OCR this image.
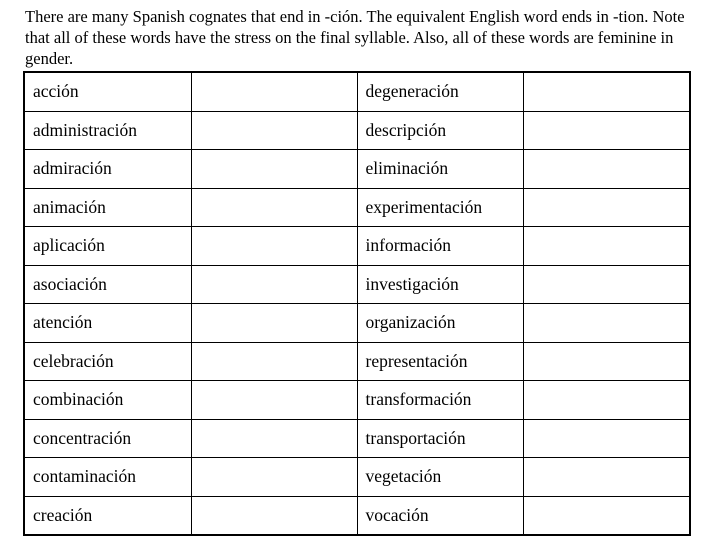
There are many Spanish cognates that end in -ción. The equivalent English word ends in -tion. Note that all of these words have the stress on the final syllable. Also, all of these words are feminine in gender.

acción		degeneración	
administración		descripción	
admiración		eliminación	
animación		experimentación	
aplicación		información	
asociación		investigación	
atención		organización	
celebración		representación	
combinación		transformación	
concentración		transportación	
contaminación		vegetación	
creación		vocación	
